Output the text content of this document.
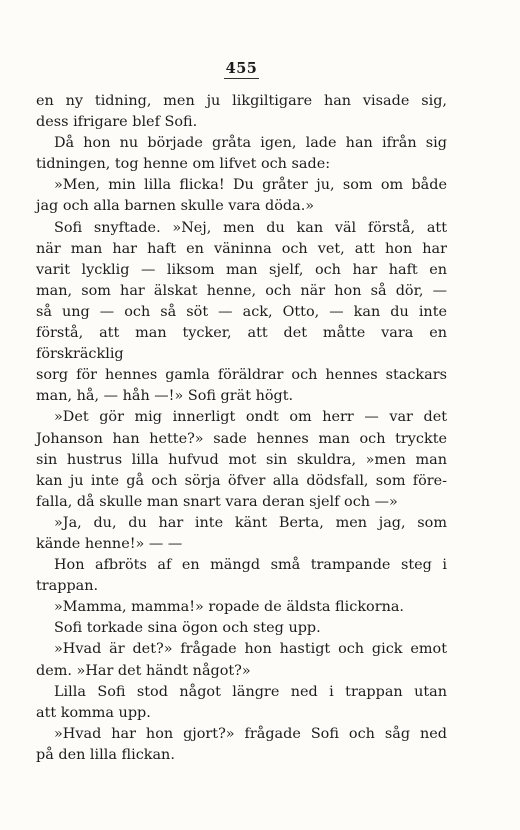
455
en ny tidning, men ju likgiltigare han visade sig,
dess ifrigare blef Sofi.
Då hon nu började gråta igen, lade han ifrån sig
tidningen, tog henne om lifvet och sade:
»Men, min lilla flicka! Du gråter ju, som om både
jag och alla barnen skulle vara döda.»
Sofi snyftade. »Nej, men du kan väl förstå, att
när man har haft en väninna och vet, att hon har
varit lycklig — liksom man sjelf, och har haft en
man, som har älskat henne, och när hon så dör, —
så ung — och så söt — ack, Otto, — kan du inte
förstå, att man tycker, att det måtte vara en förskräcklig
sorg för hennes gamla föräldrar och hennes stackars
man, hå, — håh —!» Sofi grät högt.
»Det gör mig innerligt ondt om herr — var det
Johanson han hette?» sade hennes man och tryckte
sin hustrus lilla hufvud mot sin skuldra, »men man
kan ju inte gå och sörja öfver alla dödsfall, som före-
falla, då skulle man snart vara deran sjelf och —»
»Ja, du, du har inte känt Berta, men jag, som
kände henne!» — —
Hon afbröts af en mängd små trampande steg i
trappan.
»Mamma, mamma!» ropade de äldsta flickorna.
Sofi torkade sina ögon och steg upp.
»Hvad är det?» frågade hon hastigt och gick emot
dem. »Har det händt något?»
Lilla Sofi stod något längre ned i trappan utan
att komma upp.
»Hvad har hon gjort?» frågade Sofi och såg ned
på den lilla flickan.
